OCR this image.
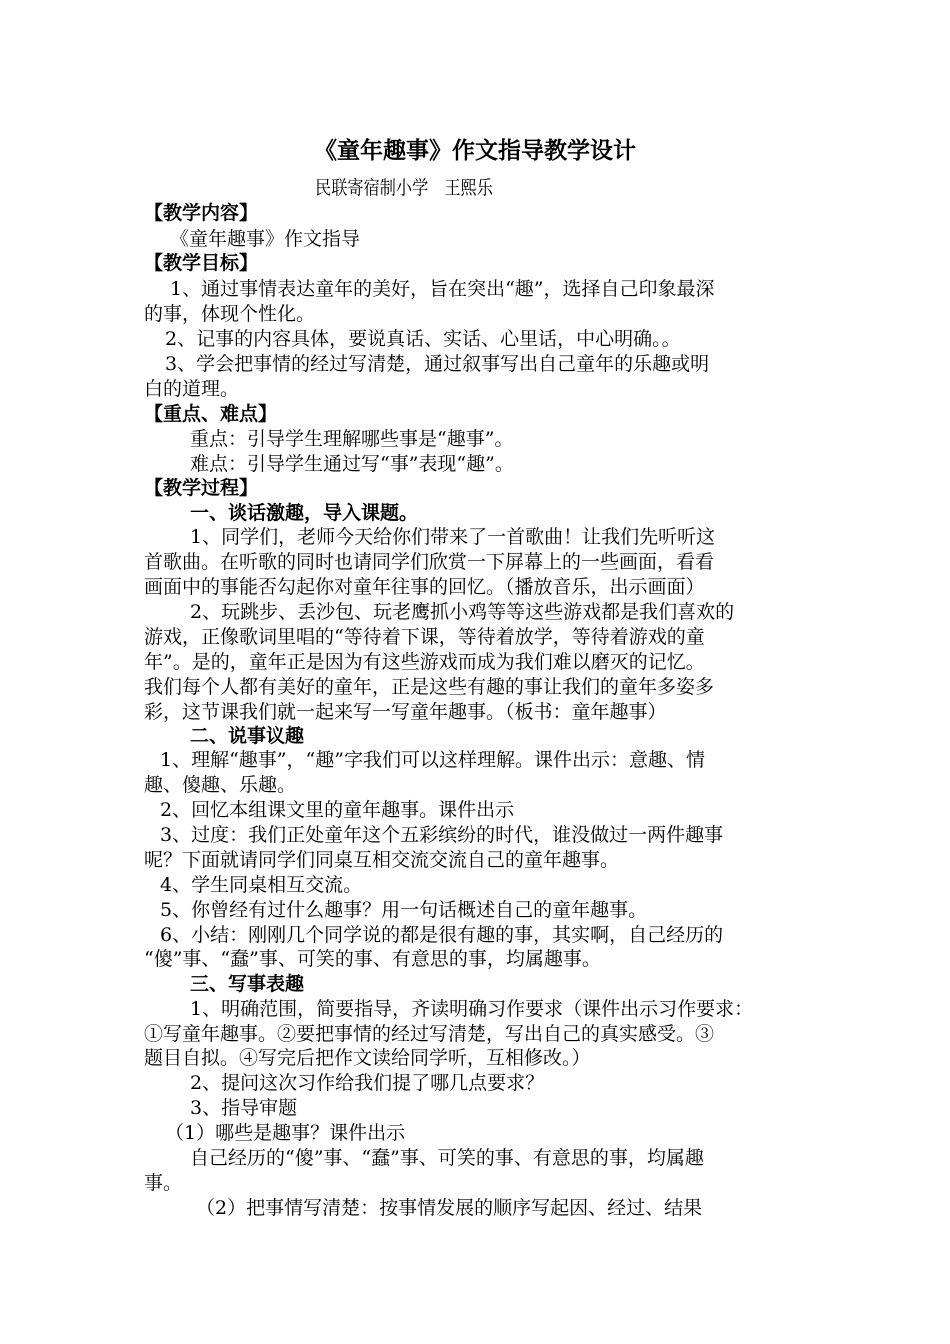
《童年趣事》作文指导教学设计
民联寄宿制小学　王熙乐
【教学内容】
《童年趣事》作文指导
【教学目标】
1、通过事情表达童年的美好，旨在突出“趣”，选择自己印象最深
的事，体现个性化。
2、记事的内容具体，要说真话、实话、心里话，中心明确。。
3、学会把事情的经过写清楚，通过叙事写出自己童年的乐趣或明
白的道理。
【重点、难点】
重点：引导学生理解哪些事是“趣事”。
难点：引导学生通过写“事”表现“趣”。
【教学过程】
一、谈话激趣，导入课题。
1、同学们，老师今天给你们带来了一首歌曲！让我们先听听这
首歌曲。在听歌的同时也请同学们欣赏一下屏幕上的一些画面，看看
画面中的事能否勾起你对童年往事的回忆。（播放音乐，出示画面）
2、玩跳步、丢沙包、玩老鹰抓小鸡等等这些游戏都是我们喜欢的
游戏，正像歌词里唱的“等待着下课，等待着放学，等待着游戏的童
年”。是的，童年正是因为有这些游戏而成为我们难以磨灭的记忆。
我们每个人都有美好的童年，正是这些有趣的事让我们的童年多姿多
彩，这节课我们就一起来写一写童年趣事。（板书：童年趣事）
二、说事议趣
1、理解“趣事”，“趣”字我们可以这样理解。课件出示：意趣、情
趣、傻趣、乐趣。
2、回忆本组课文里的童年趣事。课件出示
3、过度：我们正处童年这个五彩缤纷的时代，谁没做过一两件趣事
呢？下面就请同学们同桌互相交流交流自己的童年趣事。
4、学生同桌相互交流。
5、你曾经有过什么趣事？用一句话概述自己的童年趣事。
6、小结：刚刚几个同学说的都是很有趣的事，其实啊，自己经历的
“傻”事、“蠢”事、可笑的事、有意思的事，均属趣事。
三、写事表趣
1、明确范围，简要指导，齐读明确习作要求（课件出示习作要求：
①写童年趣事。②要把事情的经过写清楚，写出自己的真实感受。③
题目自拟。④写完后把作文读给同学听，互相修改。）
2、提问这次习作给我们提了哪几点要求？
3、指导审题
（1）哪些是趣事？课件出示
自己经历的“傻”事、“蠢”事、可笑的事、有意思的事，均属趣
事。
（2）把事情写清楚：按事情发展的顺序写起因、经过、结果
